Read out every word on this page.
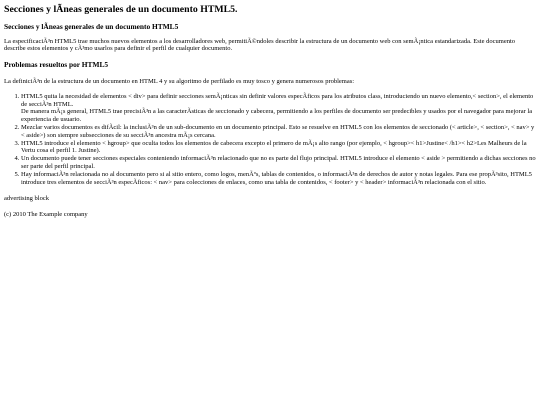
Secciones y lÃneas generales de un documento HTML5.
Secciones y lÃneas generales de un documento HTML5

La especificaciÃ³n HTML5 trae muchos nuevos elementos a los desarrolladores web, permitiÃ©ndoles describir la estructura de un documento web con semÃ¡ntica estandarizada. Este documento describe estos elementos y cÃ³mo usarlos para definir el perfil de cualquier documento.

Problemas resueltos por HTML5

La definiciÃ³n de la estructura de un documento en HTML 4 y su algoritmo de perfilado es muy tosco y genera numerosos problemas:

1. HTML5 quita la necesidad de elementos < div> para definir secciones semÃ¡nticas sin definir valores especÃficos para los atributos class, introduciendo un nuevo elemento,< section>, el elemento de secciÃ³n HTML.
De manera mÃ¡s general, HTML5 trae precisiÃ³n a las caracterÃsticas de seccionado y cabecera, permitiendo a los perfiles de documento ser predecibles y usados por el navegador para mejorar la experiencia de usuario.
2. Mezclar varios documentos es difÃcil: la inclusiÃ³n de un sub-documento en un documento principal. Esto se resuelve en HTML5 con los elementos de seccionado (< article>, < section>, < nav> y < aside>) son siempre subsecciones de su secciÃ³n ancestra mÃ¡s cercana.
3. HTML5 introduce el elemento < hgroup> que oculta todos los elementos de cabecera excepto el primero de mÃ¡s alto rango (por ejemplo, < hgroup>< h1>Justine< /h1>< h2>Les Malheurs de la Vertu cosa el perfil 1. Justine).
4. Un documento puede tener secciones especiales conteniendo informaciÃ³n relacionado que no es parte del flujo principal. HTML5 introduce el elemento < aside > permitiendo a dichas secciones no ser parte del perfil principal.
5. Hay informaciÃ³n relacionada no al documento pero si al sitio entero, como logos, menÃºs, tablas de contenidos, o informaciÃ³n de derechos de autor y notas legales. Para ese propÃ³sito, HTML5 introduce tres elementos de secciÃ³n especÃficos: < nav> para colecciones de enlaces, como una tabla de contenidos, < footer> y < header> informaciÃ³n relacionada con el sitio.
advertising block
(c) 2010 The Example company
